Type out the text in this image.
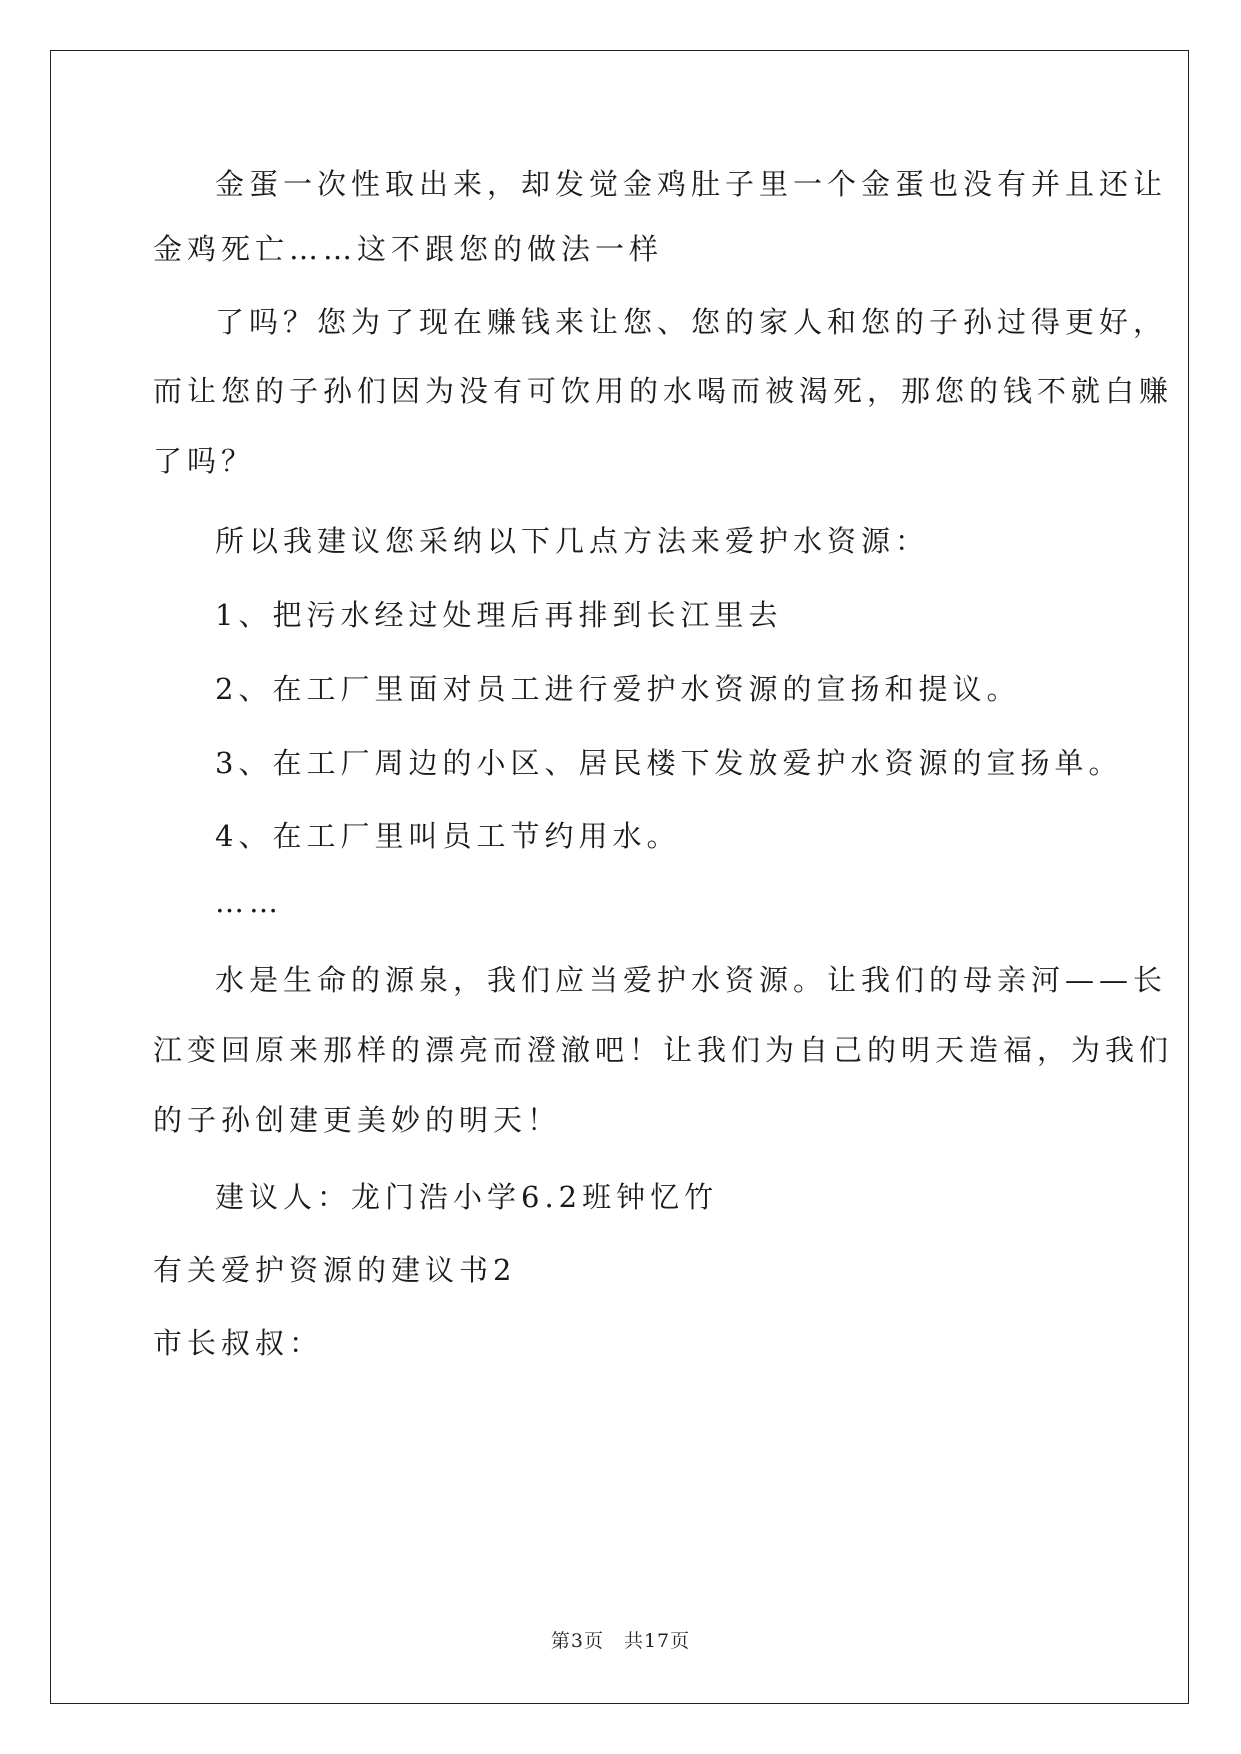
金蛋一次性取出来，却发觉金鸡肚子里一个金蛋也没有并且还让
金鸡死亡……这不跟您的做法一样
了吗？您为了现在赚钱来让您、您的家人和您的子孙过得更好，
而让您的子孙们因为没有可饮用的水喝而被渴死，那您的钱不就白赚
了吗？
所以我建议您采纳以下几点方法来爱护水资源：
1、把污水经过处理后再排到长江里去
2、在工厂里面对员工进行爱护水资源的宣扬和提议。
3、在工厂周边的小区、居民楼下发放爱护水资源的宣扬单。
4、在工厂里叫员工节约用水。
……
水是生命的源泉，我们应当爱护水资源。让我们的母亲河——长
江变回原来那样的漂亮而澄澈吧！让我们为自己的明天造福，为我们
的子孙创建更美妙的明天！
建议人：龙门浩小学6.2班钟忆竹
有关爱护资源的建议书2
市长叔叔：
第3页 共17页
